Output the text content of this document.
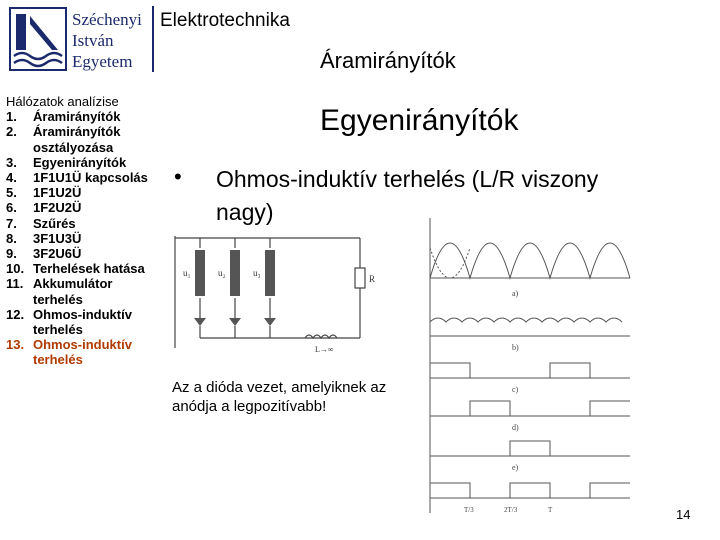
Széchenyi
István
Egyetem
Elektrotechnika
Áramirányítók
Hálózatok analízise
1.	Áramirányítók
2.	Áramirányítók osztályozása
3.	Egyenirányítók
4.	1F1U1Ü kapcsolás
5.	1F1U2Ü
6.	1F2U2Ü
7.	Szűrés
8.	3F1U3Ü
9.	3F2U6Ü
10. Terhelések hatása
11. Akkumulátor terhelés
12. Ohmos-induktív terhelés
13. Ohmos-induktív terhelés
Egyenirányítók
• Ohmos-induktív terhelés (L/R viszony nagy)
u₁	u₂	u₃
R
L→∞
a)
b)
c)
d)
e)
T/3	2T/3	T
Az a dióda vezet, amelyiknek az anódja a legpozitívabb!
14
